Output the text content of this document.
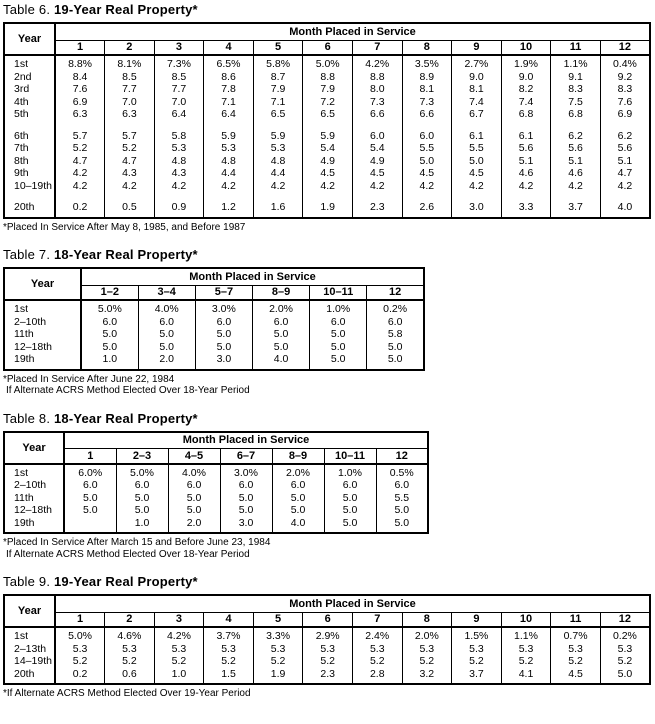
Table 6. 19-Year Real Property*
Year	Month Placed in Service											
	1	2	3	4	5	6	7	8	9	10	11	12

1st	8.8%	8.1%	7.3%	6.5%	5.8%	5.0%	4.2%	3.5%	2.7%	1.9%	1.1%	0.4%
2nd	8.4	8.5	8.5	8.6	8.7	8.8	8.8	8.9	9.0	9.0	9.1	9.2
3rd	7.6	7.7	7.7	7.8	7.9	7.9	8.0	8.1	8.1	8.2	8.3	8.3
4th	6.9	7.0	7.0	7.1	7.1	7.2	7.3	7.3	7.4	7.4	7.5	7.6
5th	6.3	6.3	6.4	6.4	6.5	6.5	6.6	6.6	6.7	6.8	6.8	6.9

6th	5.7	5.7	5.8	5.9	5.9	5.9	6.0	6.0	6.1	6.1	6.2	6.2
7th	5.2	5.2	5.3	5.3	5.3	5.4	5.4	5.5	5.5	5.6	5.6	5.6
8th	4.7	4.7	4.8	4.8	4.8	4.9	4.9	5.0	5.0	5.1	5.1	5.1
9th	4.2	4.3	4.3	4.4	4.4	4.5	4.5	4.5	4.5	4.6	4.6	4.7
10–19th	4.2	4.2	4.2	4.2	4.2	4.2	4.2	4.2	4.2	4.2	4.2	4.2

20th	0.2	0.5	0.9	1.2	1.6	1.9	2.3	2.6	3.0	3.3	3.7	4.0

*Placed In Service After May 8, 1985, and Before 1987
Table 7. 18-Year Real Property*
Year	Month Placed in Service					
	1–2	3–4	5–7	8–9	10–11	12

1st	5.0%	4.0%	3.0%	2.0%	1.0%	0.2%
2–10th	6.0	6.0	6.0	6.0	6.0	6.0
11th	5.0	5.0	5.0	5.0	5.0	5.8
12–18th	5.0	5.0	5.0	5.0	5.0	5.0
19th	1.0	2.0	3.0	4.0	5.0	5.0

*Placed In Service After June 22, 1984
If Alternate ACRS Method Elected Over 18-Year Period
Table 8. 18-Year Real Property*
Year	Month Placed in Service						
	1	2–3	4–5	6–7	8–9	10–11	12

1st	6.0%	5.0%	4.0%	3.0%	2.0%	1.0%	0.5%
2–10th	6.0	6.0	6.0	6.0	6.0	6.0	6.0
11th	5.0	5.0	5.0	5.0	5.0	5.0	5.5
12–18th	5.0	5.0	5.0	5.0	5.0	5.0	5.0
19th		1.0	2.0	3.0	4.0	5.0	5.0

*Placed In Service After March 15 and Before June 23, 1984
If Alternate ACRS Method Elected Over 18-Year Period
Table 9. 19-Year Real Property*
Year	Month Placed in Service											
	1	2	3	4	5	6	7	8	9	10	11	12

1st	5.0%	4.6%	4.2%	3.7%	3.3%	2.9%	2.4%	2.0%	1.5%	1.1%	0.7%	0.2%
2–13th	5.3	5.3	5.3	5.3	5.3	5.3	5.3	5.3	5.3	5.3	5.3	5.3
14–19th	5.2	5.2	5.2	5.2	5.2	5.2	5.2	5.2	5.2	5.2	5.2	5.2
20th	0.2	0.6	1.0	1.5	1.9	2.3	2.8	3.2	3.7	4.1	4.5	5.0

*If Alternate ACRS Method Elected Over 19-Year Period
